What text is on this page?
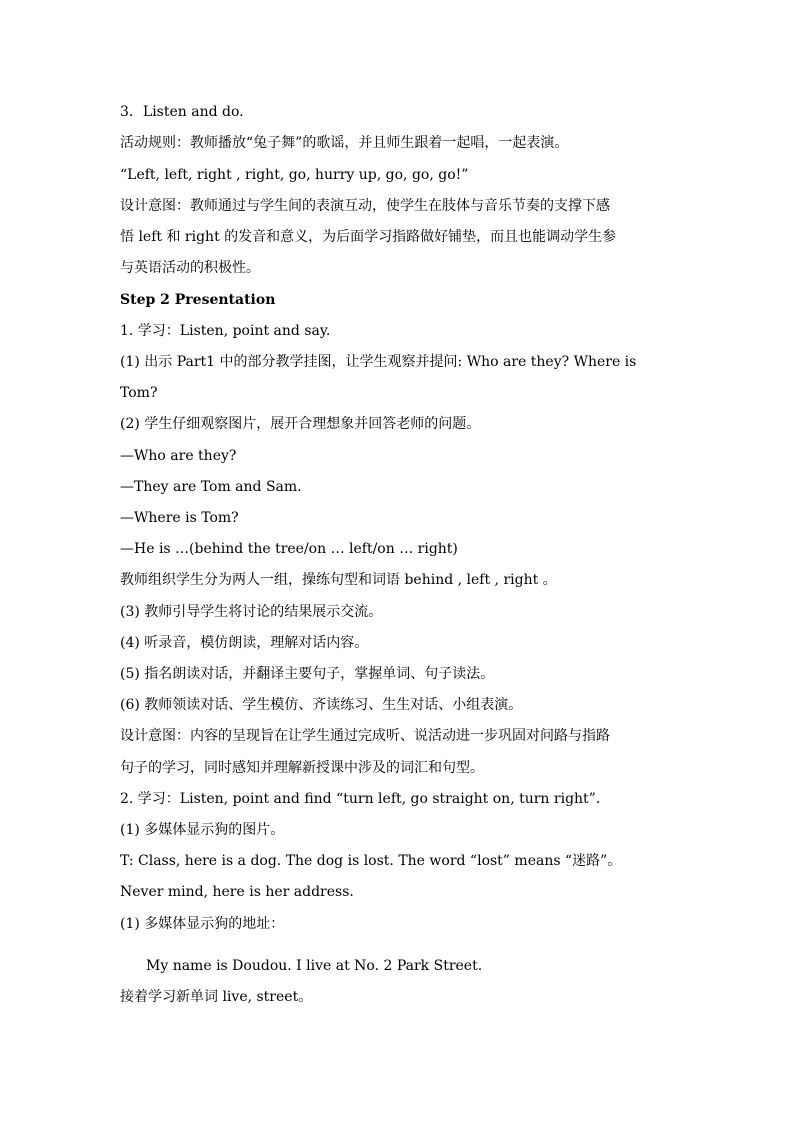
3．Listen and do.
活动规则：教师播放“兔子舞”的歌谣，并且师生跟着一起唱，一起表演。
“Left, left, right , right, go, hurry up, go, go, go!”
设计意图：教师通过与学生间的表演互动，使学生在肢体与音乐节奏的支撑下感
悟 left 和 right 的发音和意义，为后面学习指路做好铺垫，而且也能调动学生参
与英语活动的积极性。
Step 2 Presentation
1. 学习：Listen, point and say.
(1) 出示 Part1 中的部分教学挂图，让学生观察并提问: Who are they? Where is
Tom?
(2) 学生仔细观察图片，展开合理想象并回答老师的问题。
—Who are they?
—They are Tom and Sam.
—Where is Tom?
—He is …(behind the tree/on … left/on … right)
教师组织学生分为两人一组，操练句型和词语 behind , left , right 。
(3) 教师引导学生将讨论的结果展示交流。
(4) 听录音，模仿朗读，理解对话内容。
(5) 指名朗读对话，并翻译主要句子，掌握单词、句子读法。
(6) 教师领读对话、学生模仿、齐读练习、生生对话、小组表演。
设计意图：内容的呈现旨在让学生通过完成听、说活动进一步巩固对问路与指路
句子的学习，同时感知并理解新授课中涉及的词汇和句型。
2. 学习：Listen, point and find “turn left, go straight on, turn right”.
(1) 多媒体显示狗的图片。
T: Class, here is a dog. The dog is lost. The word “lost” means “迷路”。
Never mind, here is her address.
(1) 多媒体显示狗的地址：
My name is Doudou. I live at No. 2 Park Street.
接着学习新单词 live, street。
